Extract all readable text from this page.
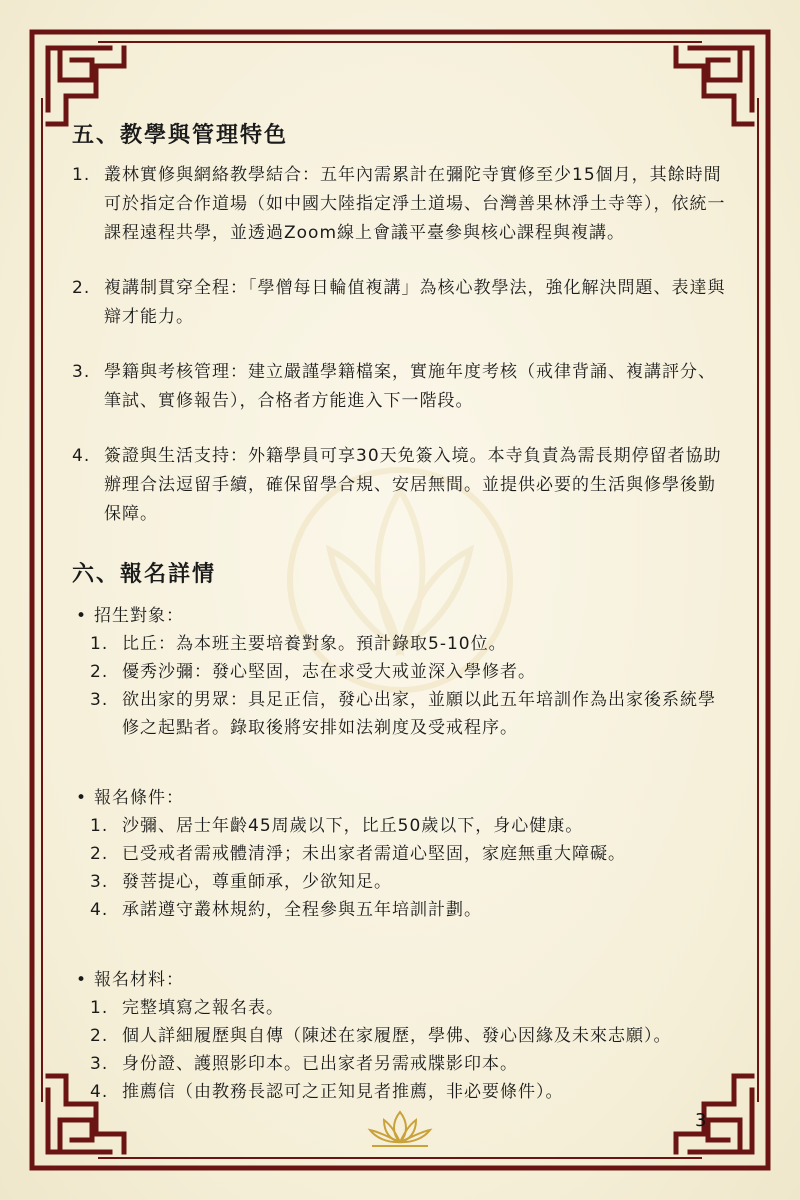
五、教學與管理特色
1. 叢林實修與網絡教學結合：五年內需累計在彌陀寺實修至少15個月，其餘時間可於指定合作道場（如中國大陸指定淨土道場、台灣善果林淨土寺等），依統一課程遠程共學，並透過Zoom線上會議平臺參與核心課程與複講。
2. 複講制貫穿全程：「學僧每日輪值複講」為核心教學法，強化解決問題、表達與辯才能力。
3. 學籍與考核管理：建立嚴謹學籍檔案，實施年度考核（戒律背誦、複講評分、筆試、實修報告），合格者方能進入下一階段。
4. 簽證與生活支持：外籍學員可享30天免簽入境。本寺負責為需長期停留者協助辦理合法逗留手續，確保留學合規、安居無間。並提供必要的生活與修學後勤保障。
六、報名詳情
• 招生對象：
1. 比丘：為本班主要培養對象。預計錄取5-10位。
2. 優秀沙彌：發心堅固，志在求受大戒並深入學修者。
3. 欲出家的男眾：具足正信，發心出家，並願以此五年培訓作為出家後系統學修之起點者。錄取後將安排如法剃度及受戒程序。
• 報名條件：
1. 沙彌、居士年齡45周歲以下，比丘50歲以下，身心健康。
2. 已受戒者需戒體清淨；未出家者需道心堅固，家庭無重大障礙。
3. 發菩提心，尊重師承，少欲知足。
4. 承諾遵守叢林規約，全程參與五年培訓計劃。
• 報名材料：
1. 完整填寫之報名表。
2. 個人詳細履歷與自傳（陳述在家履歷，學佛、發心因緣及未來志願）。
3. 身份證、護照影印本。已出家者另需戒牒影印本。
4. 推薦信（由教務長認可之正知見者推薦，非必要條件）。
3
